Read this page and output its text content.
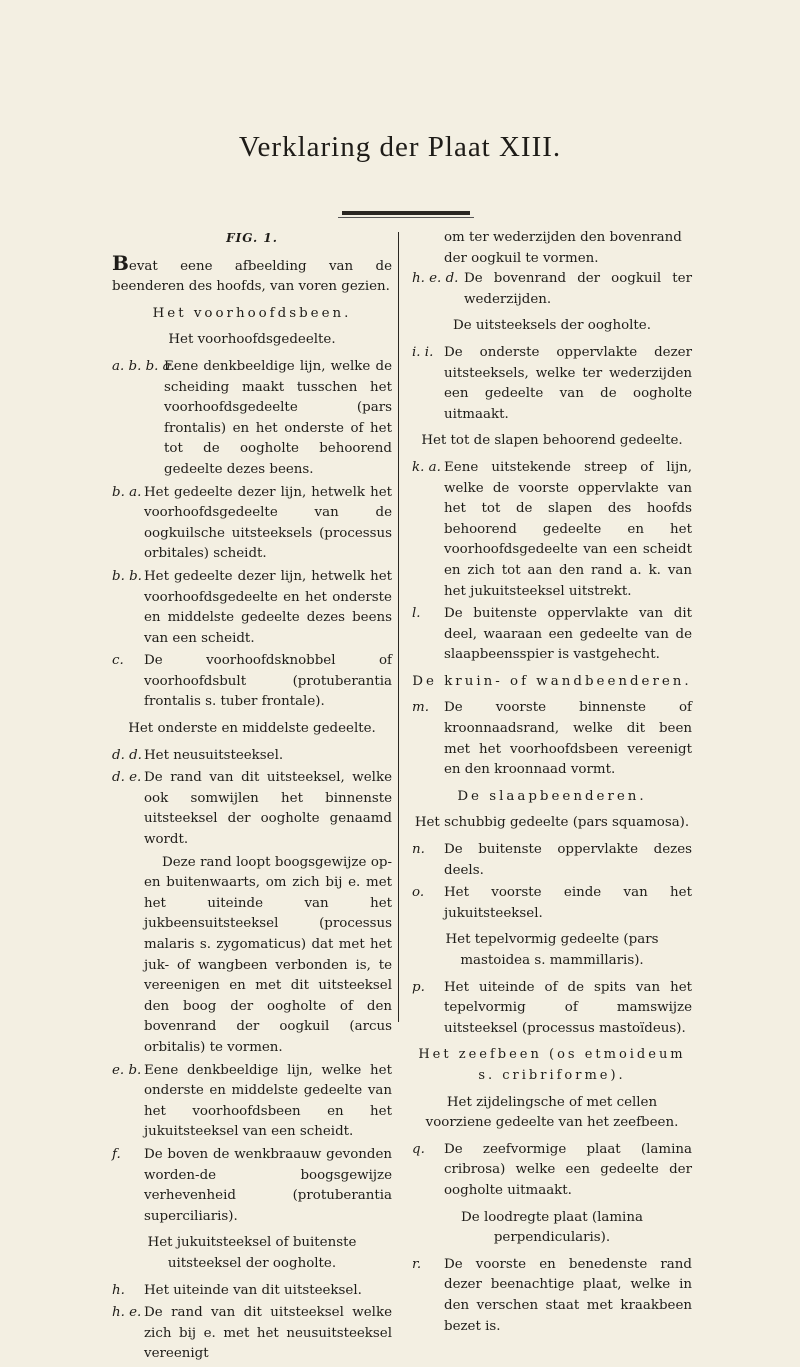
Verklaring der Plaat XIII.
FIG. 1.
Bevat eene afbeelding van de beenderen des hoofds, van voren gezien.
Het voorhoofdsbeen.
Het voorhoofdsgedeelte.
a. b. b. a.
Eene denkbeeldige lijn, welke de scheiding maakt tusschen het voorhoofdsgedeelte (pars frontalis) en het onderste of het tot de oogholte behoorend gedeelte dezes beens.
b. a. Het gedeelte dezer lijn, hetwelk het voorhoofdsgedeelte van de oogkuilsche uitsteeksels (processus orbitales) scheidt.
b. b. Het gedeelte dezer lijn, hetwelk het voorhoofdsgedeelte en het onderste en middelste gedeelte dezes beens van een scheidt.
c.	De voorhoofdsknobbel of voorhoofdsbult (protuberantia frontalis s. tuber frontale).
Het onderste en middelste gedeelte.
d. d. Het neusuitsteeksel.
d. e. De rand van dit uitsteeksel, welke ook somwijlen het binnenste uitsteeksel der oogholte genaamd wordt.
Deze rand loopt boogsgewijze op- en buitenwaarts, om zich bij e. met het uiteinde van het jukbeensuitsteeksel (processus malaris s. zygomaticus) dat met het juk- of wangbeen verbonden is, te vereenigen en met dit uitsteeksel den boog der oogholte of den bovenrand der oogkuil (arcus orbitalis) te vormen.
e. b. Eene denkbeeldige lijn, welke het onderste en middelste gedeelte van het voorhoofdsbeen en het jukuitsteeksel van een scheidt.
f.	De boven de wenkbraauw gevonden worden-de boogsgewijze verhevenheid (protuberantia superciliaris).
Het jukuitsteeksel of buitenste uitsteeksel der oogholte.
h.	Het uiteinde van dit uitsteeksel.
h. e. De rand van dit uitsteeksel welke zich bij e. met het neusuitsteeksel vereenigt
om ter wederzijden den bovenrand der oogkuil te vormen.
h. e. d. De bovenrand der oogkuil ter wederzijden.
De uitsteeksels der oogholte.
i. i. De onderste oppervlakte dezer uitsteeksels, welke ter wederzijden een gedeelte van de oogholte uitmaakt.
Het tot de slapen behoorend gedeelte.
k. a. Eene uitstekende streep of lijn, welke de voorste oppervlakte van het tot de slapen des hoofds behoorend gedeelte en het voorhoofdsgedeelte van een scheidt en zich tot aan den rand a. k. van het jukuitsteeksel uitstrekt.
l.	De buitenste oppervlakte van dit deel, waaraan een gedeelte van de slaapbeensspier is vastgehecht.
De kruin- of wandbeenderen.
m.	De voorste binnenste of kroonnaadsrand, welke dit been met het voorhoofdsbeen vereenigt en den kroonnaad vormt.
De slaapbeenderen.
Het schubbig gedeelte (pars squamosa).
n.	De buitenste oppervlakte dezes deels.
o.	Het voorste einde van het jukuitsteeksel.
Het tepelvormig gedeelte (pars mastoidea s. mammillaris).
p.	Het uiteinde of de spits van het tepelvormig of mamswijze uitsteeksel (processus mastoïdeus).
Het zeefbeen (os etmoideum s. cribriforme).
Het zijdelingsche of met cellen voorziene gedeelte van het zeefbeen.
q.	De zeefvormige plaat (lamina cribrosa) welke een gedeelte der oogholte uitmaakt.
De loodregte plaat (lamina perpendicularis).
r.	De voorste en benedenste rand dezer beenachtige plaat, welke in den verschen staat met kraakbeen bezet is.
